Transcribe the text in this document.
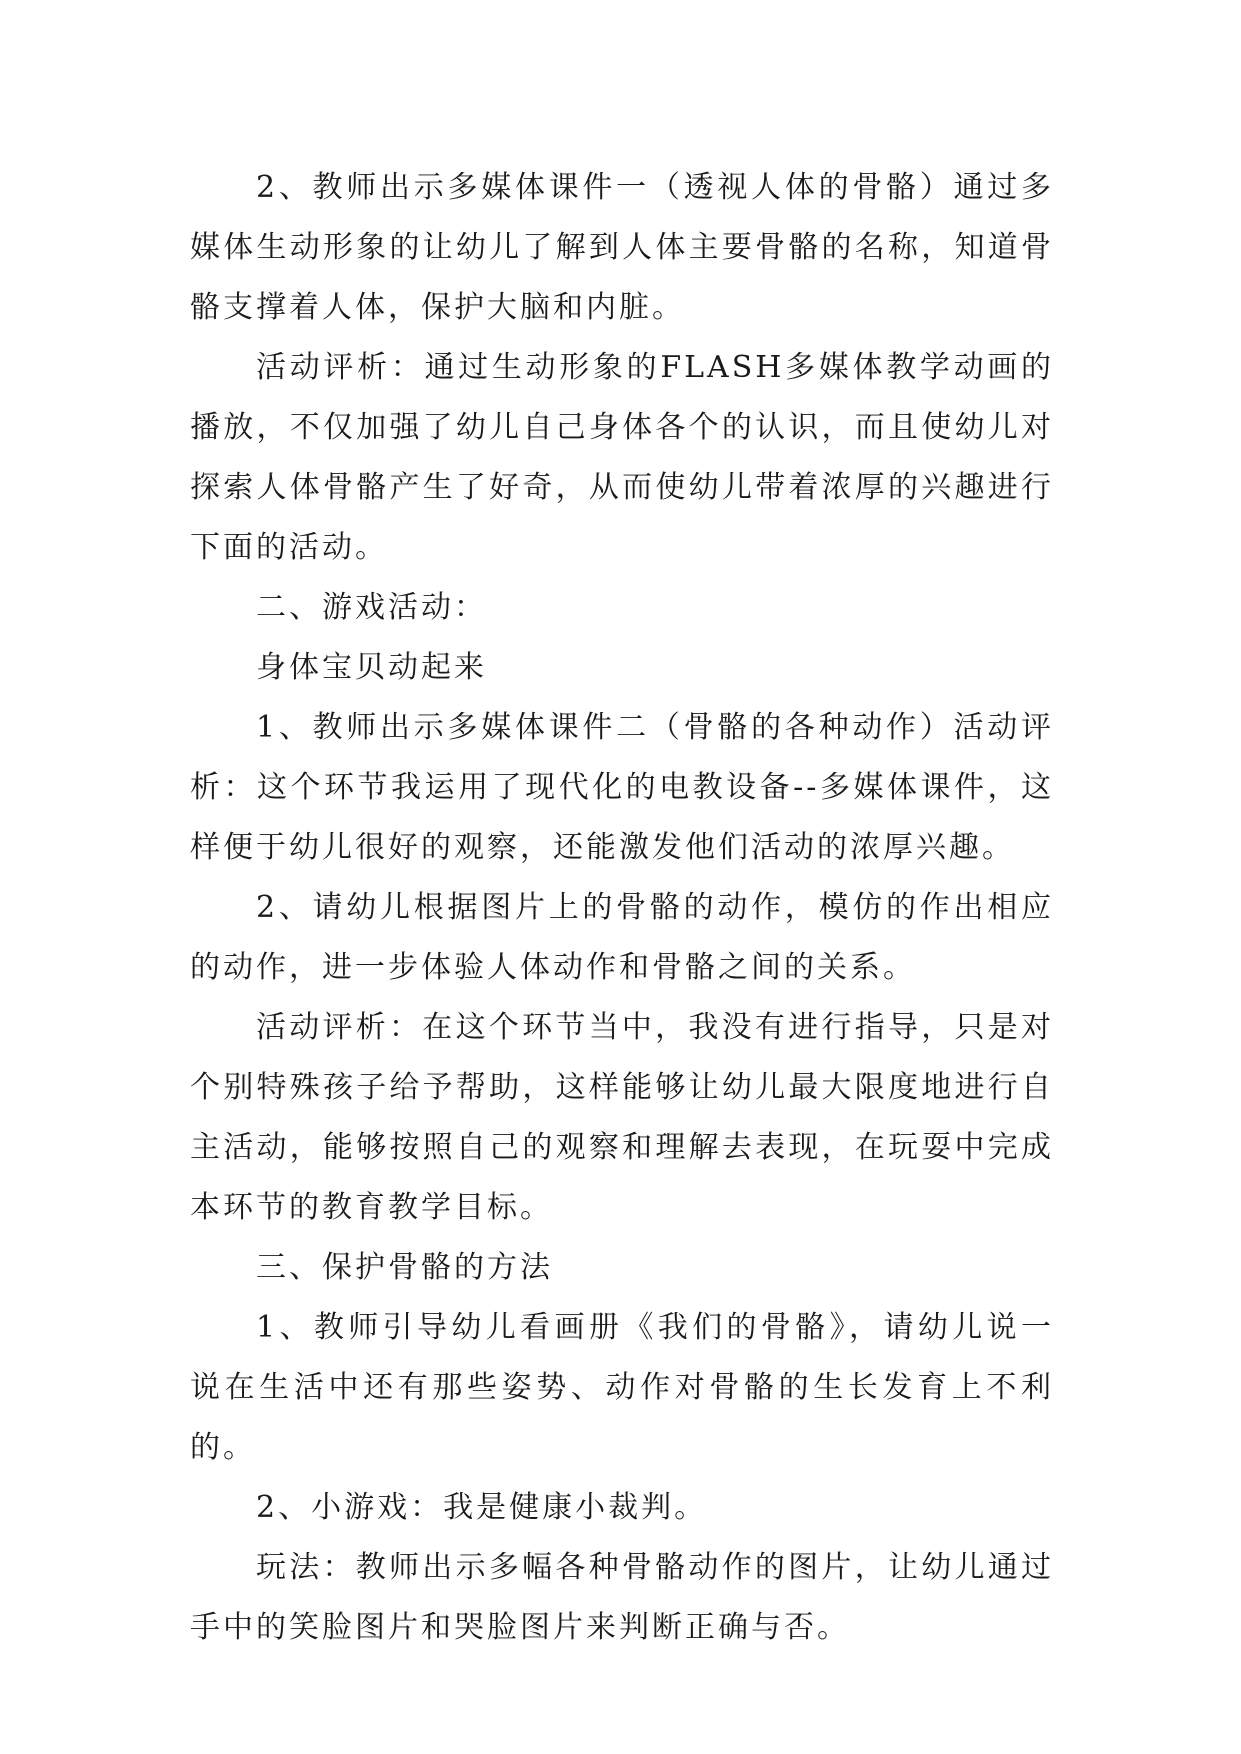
2、教师出示多媒体课件一（透视人体的骨骼）通过多媒体生动形象的让幼儿了解到人体主要骨骼的名称，知道骨骼支撑着人体，保护大脑和内脏。

活动评析：通过生动形象的FLASH多媒体教学动画的播放，不仅加强了幼儿自己身体各个的认识，而且使幼儿对探索人体骨骼产生了好奇，从而使幼儿带着浓厚的兴趣进行下面的活动。

二、游戏活动：

身体宝贝动起来

1、教师出示多媒体课件二（骨骼的各种动作）活动评析：这个环节我运用了现代化的电教设备--多媒体课件，这样便于幼儿很好的观察，还能激发他们活动的浓厚兴趣。

2、请幼儿根据图片上的骨骼的动作，模仿的作出相应的动作，进一步体验人体动作和骨骼之间的关系。

活动评析：在这个环节当中，我没有进行指导，只是对个别特殊孩子给予帮助，这样能够让幼儿最大限度地进行自主活动，能够按照自己的观察和理解去表现，在玩耍中完成本环节的教育教学目标。

三、保护骨骼的方法

1、教师引导幼儿看画册《我们的骨骼》，请幼儿说一说在生活中还有那些姿势、动作对骨骼的生长发育上不利的。

2、小游戏：我是健康小裁判。

玩法：教师出示多幅各种骨骼动作的图片，让幼儿通过手中的笑脸图片和哭脸图片来判断正确与否。
